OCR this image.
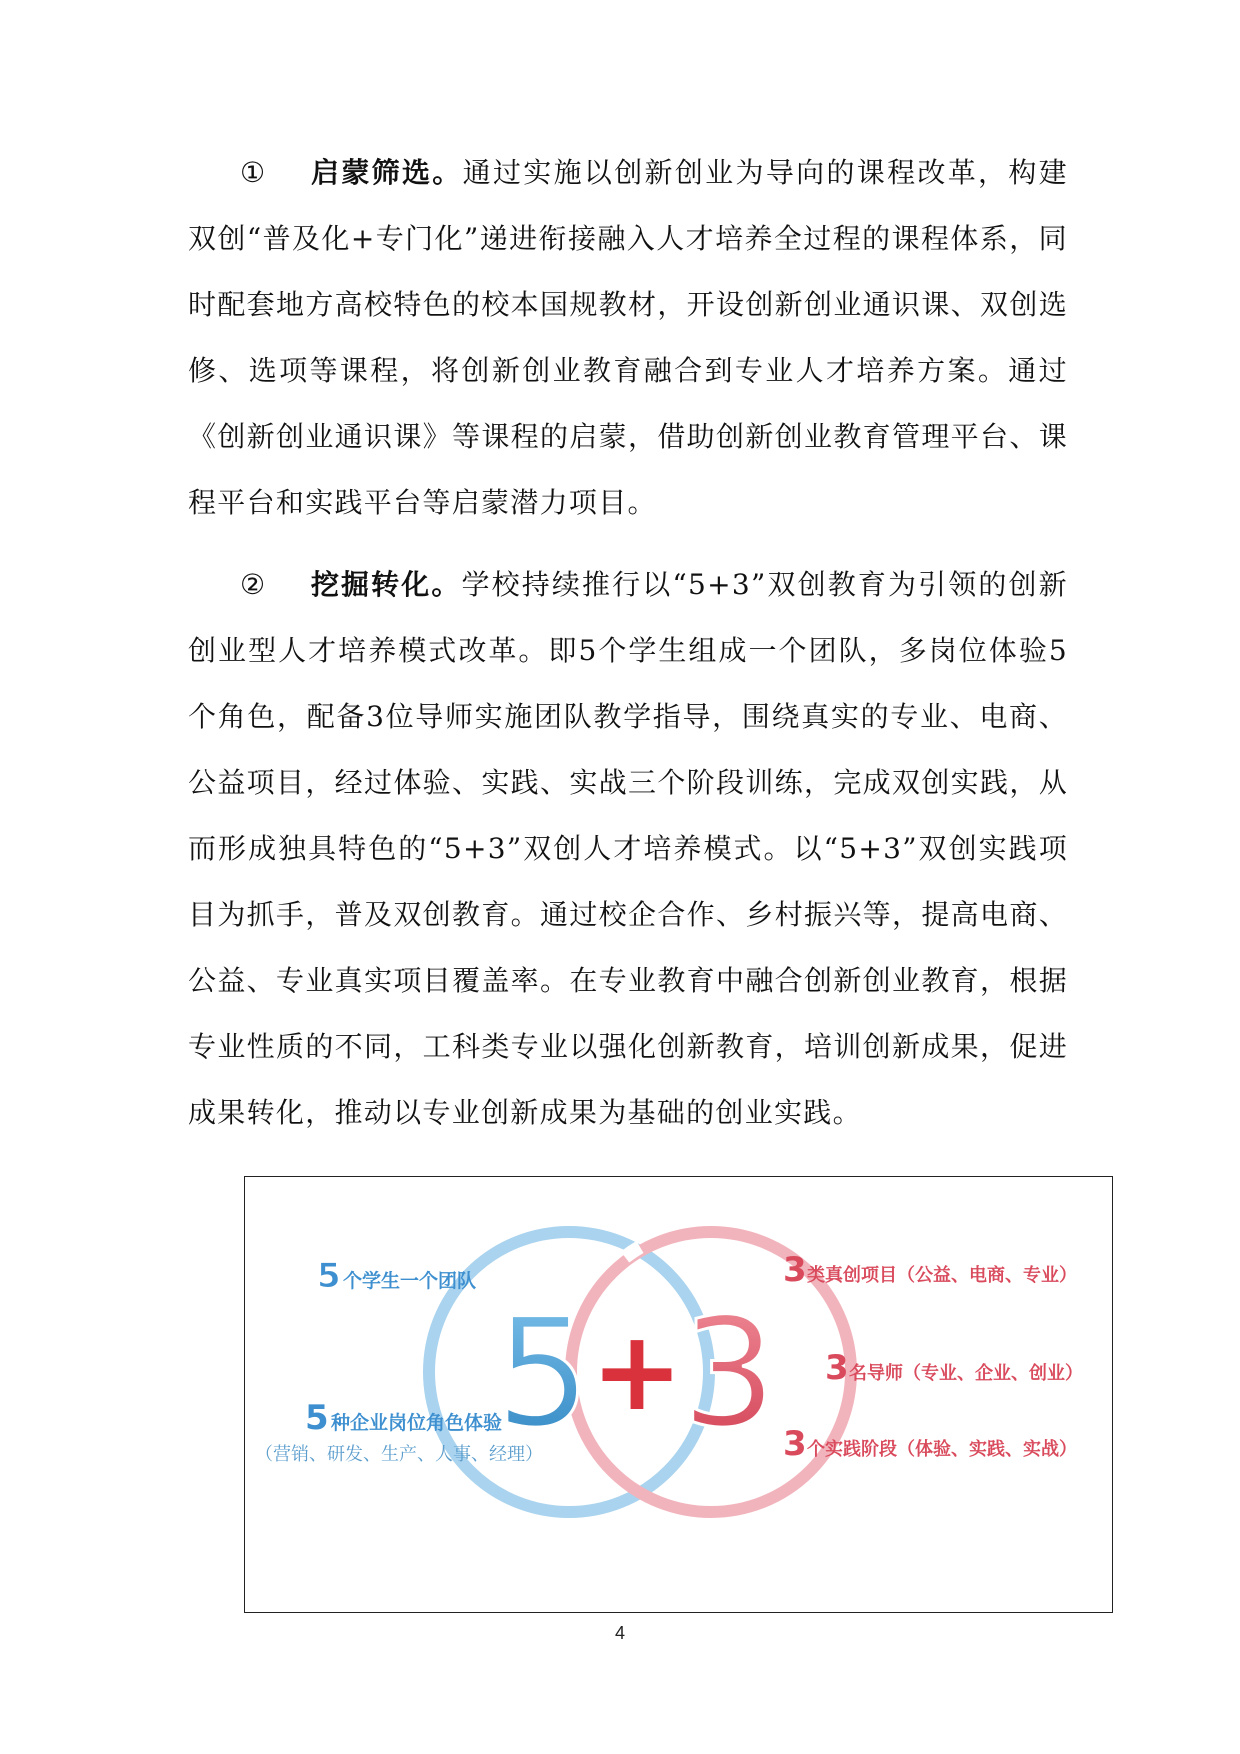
① 启蒙筛选。通过实施以创新创业为导向的课程改革，构建双创“普及化+专门化”递进衔接融入人才培养全过程的课程体系，同时配套地方高校特色的校本国规教材，开设创新创业通识课、双创选修、选项等课程，将创新创业教育融合到专业人才培养方案。通过《创新创业通识课》等课程的启蒙，借助创新创业教育管理平台、课程平台和实践平台等启蒙潜力项目。
② 挖掘转化。学校持续推行以“5+3”双创教育为引领的创新创业型人才培养模式改革。即5个学生组成一个团队，多岗位体验5个角色，配备3位导师实施团队教学指导，围绕真实的专业、电商、公益项目，经过体验、实践、实战三个阶段训练，完成双创实践，从而形成独具特色的“5+3”双创人才培养模式。以“5+3”双创实践项目为抓手，普及双创教育。通过校企合作、乡村振兴等，提高电商、公益、专业真实项目覆盖率。在专业教育中融合创新创业教育，根据专业性质的不同，工科类专业以强化创新教育，培训创新成果，促进成果转化，推动以专业创新成果为基础的创业实践。
5 +
3
5 个学生一个团队
5 种企业岗位角色体验
（营销、研发、生产、人事、经理）
3 类真创项目（公益、电商、专业）
3 名导师（专业、企业、创业）
3 个实践阶段（体验、实践、实战）
4
